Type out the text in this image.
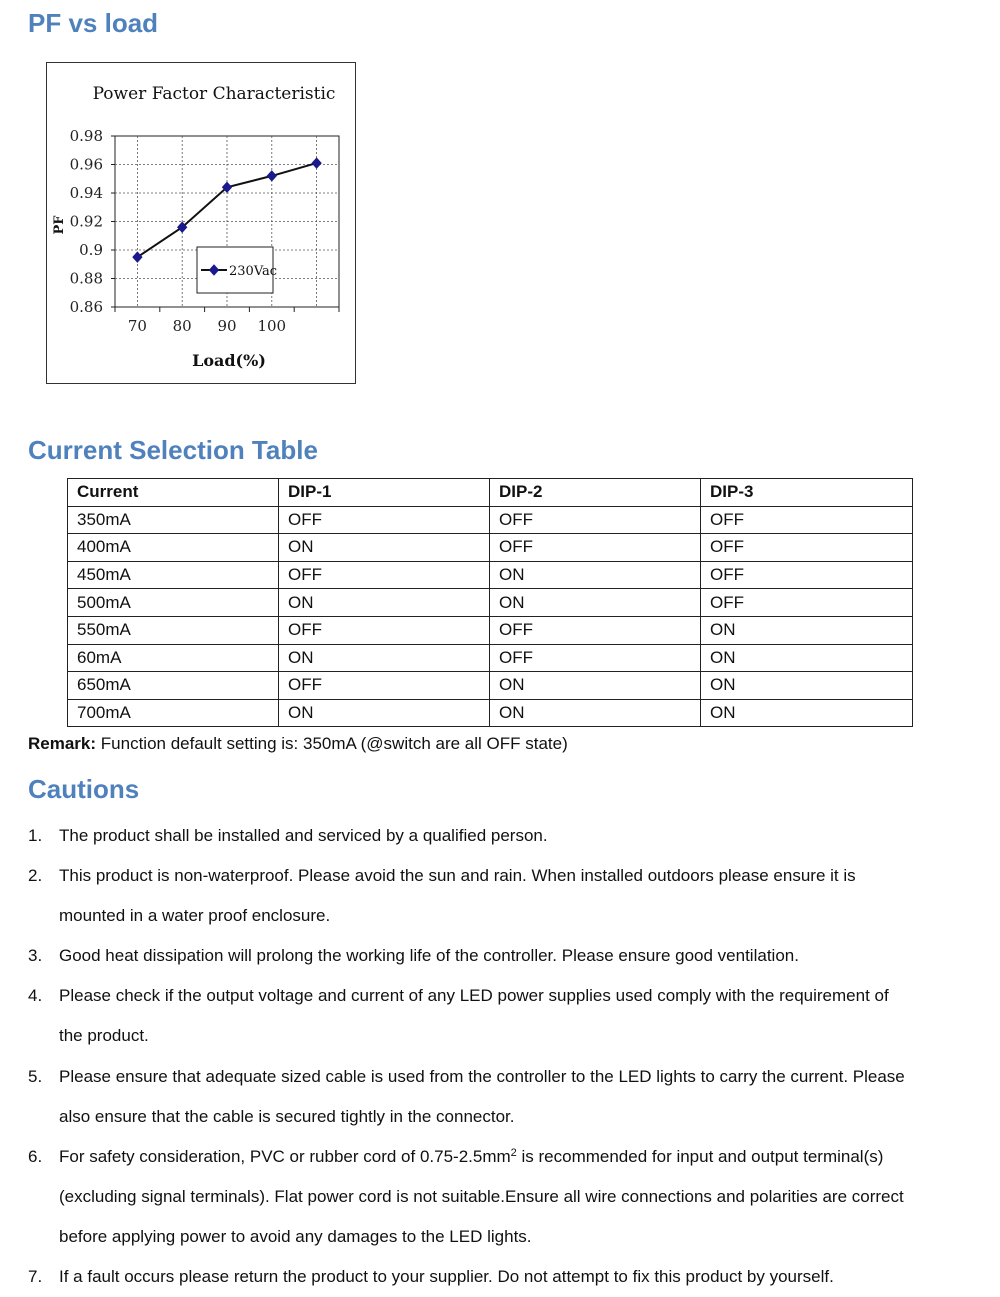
PF vs load
0.98
0.96
0.94
0.92
0.9
0.88
0.86
70 80 90 100
Power Factor Characteristic
Load(%)
PF
230Vac
Current Selection Table
Current	DIP-1	DIP-2	DIP-3
350mA	OFF	OFF	OFF
400mA	ON	OFF	OFF
450mA	OFF	ON	OFF
500mA	ON	ON	OFF
550mA	OFF	OFF	ON
60mA	ON	OFF	ON
650mA	OFF	ON	ON
700mA	ON	ON	ON
Remark: Function default setting is: 350mA (@switch are all OFF state)
Cautions
1. The product shall be installed and serviced by a qualified person.
2. This product is non-waterproof. Please avoid the sun and rain. When installed outdoors please ensure it is
mounted in a water proof enclosure.
3. Good heat dissipation will prolong the working life of the controller. Please ensure good ventilation.
4. Please check if the output voltage and current of any LED power supplies used comply with the requirement of
the product.
5. Please ensure that adequate sized cable is used from the controller to the LED lights to carry the current. Please
also ensure that the cable is secured tightly in the connector.
6. For safety consideration, PVC or rubber cord of $0.75-2.5mm^2$ is recommended for input and output terminal(s)
(excluding signal terminals). Flat power cord is not suitable.Ensure all wire connections and polarities are correct
before applying power to avoid any damages to the LED lights.
7. If a fault occurs please return the product to your supplier. Do not attempt to fix this product by yourself.
